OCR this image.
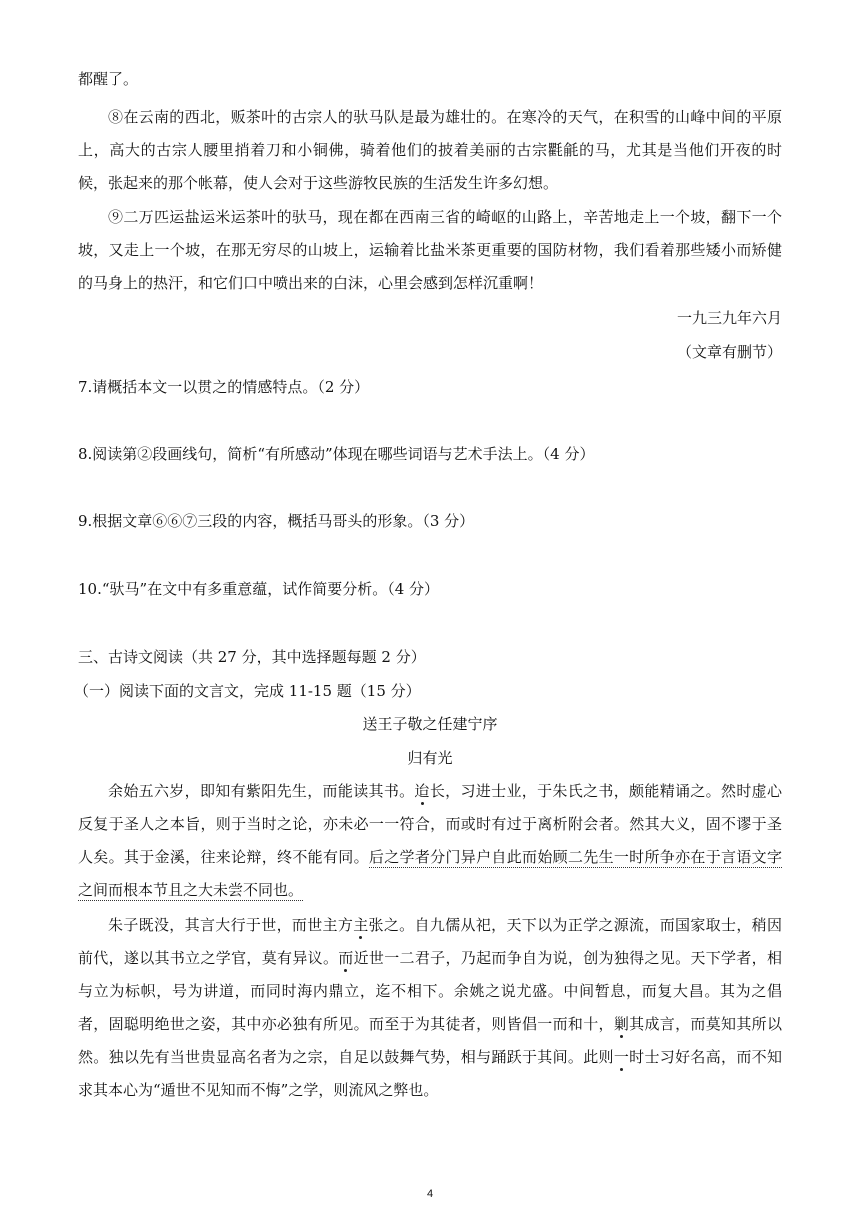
都醒了。

⑧在云南的西北，贩茶叶的古宗人的驮马队是最为雄壮的。在寒冷的天气，在积雪的山峰中间的平原上，高大的古宗人腰里捎着刀和小铜佛，骑着他们的披着美丽的古宗氍毹的马，尤其是当他们开夜的时候，张起来的那个帐幕，使人会对于这些游牧民族的生活发生许多幻想。

⑨二万匹运盐运米运茶叶的驮马，现在都在西南三省的崎岖的山路上，辛苦地走上一个坡，翻下一个坡，又走上一个坡，在那无穷尽的山坡上，运输着比盐米茶更重要的国防材物，我们看着那些矮小而矫健的马身上的热汗，和它们口中喷出来的白沫，心里会感到怎样沉重啊！

一九三九年六月

（文章有删节）

7.请概括本文一以贯之的情感特点。（2 分）

8.阅读第②段画线句，简析“有所感动”体现在哪些词语与艺术手法上。（4 分）

9.根据文章⑥⑥⑦三段的内容，概括马哥头的形象。（3 分）

10.“驮马”在文中有多重意蕴，试作简要分析。（4 分）

三、古诗文阅读（共 27 分，其中选择题每题 2 分）

（一）阅读下面的文言文，完成 11-15 题（15 分）

送王子敬之任建宁序

归有光

余始五六岁，即知有紫阳先生，而能读其书。迨长，习进士业，于朱氏之书，颇能精诵之。然时虚心反复于圣人之本旨，则于当时之论，亦未必一一符合，而或时有过于离析附会者。然其大义，固不谬于圣人矣。其于金溪，往来论辩，终不能有同。后之学者分门异户自此而始顾二先生一时所争亦在于言语文字之间而根本节且之大未尝不同也。

朱子既没，其言大行于世，而世主方主张之。自九儒从祀，天下以为正学之源流，而国家取士，稍因前代，遂以其书立之学官，莫有异议。而近世一二君子，乃起而争自为说，创为独得之见。天下学者，相与立为标帜，号为讲道，而同时海内鼎立，迄不相下。余姚之说尤盛。中间暂息，而复大昌。其为之倡者，固聪明绝世之姿，其中亦必独有所见。而至于为其徒者，则皆倡一而和十，剿其成言，而莫知其所以然。独以先有当世贵显高名者为之宗，自足以鼓舞气势，相与踊跃于其间。此则一时士习好名高，而不知求其本心为“遁世不见知而不悔”之学，则流风之弊也。

4
